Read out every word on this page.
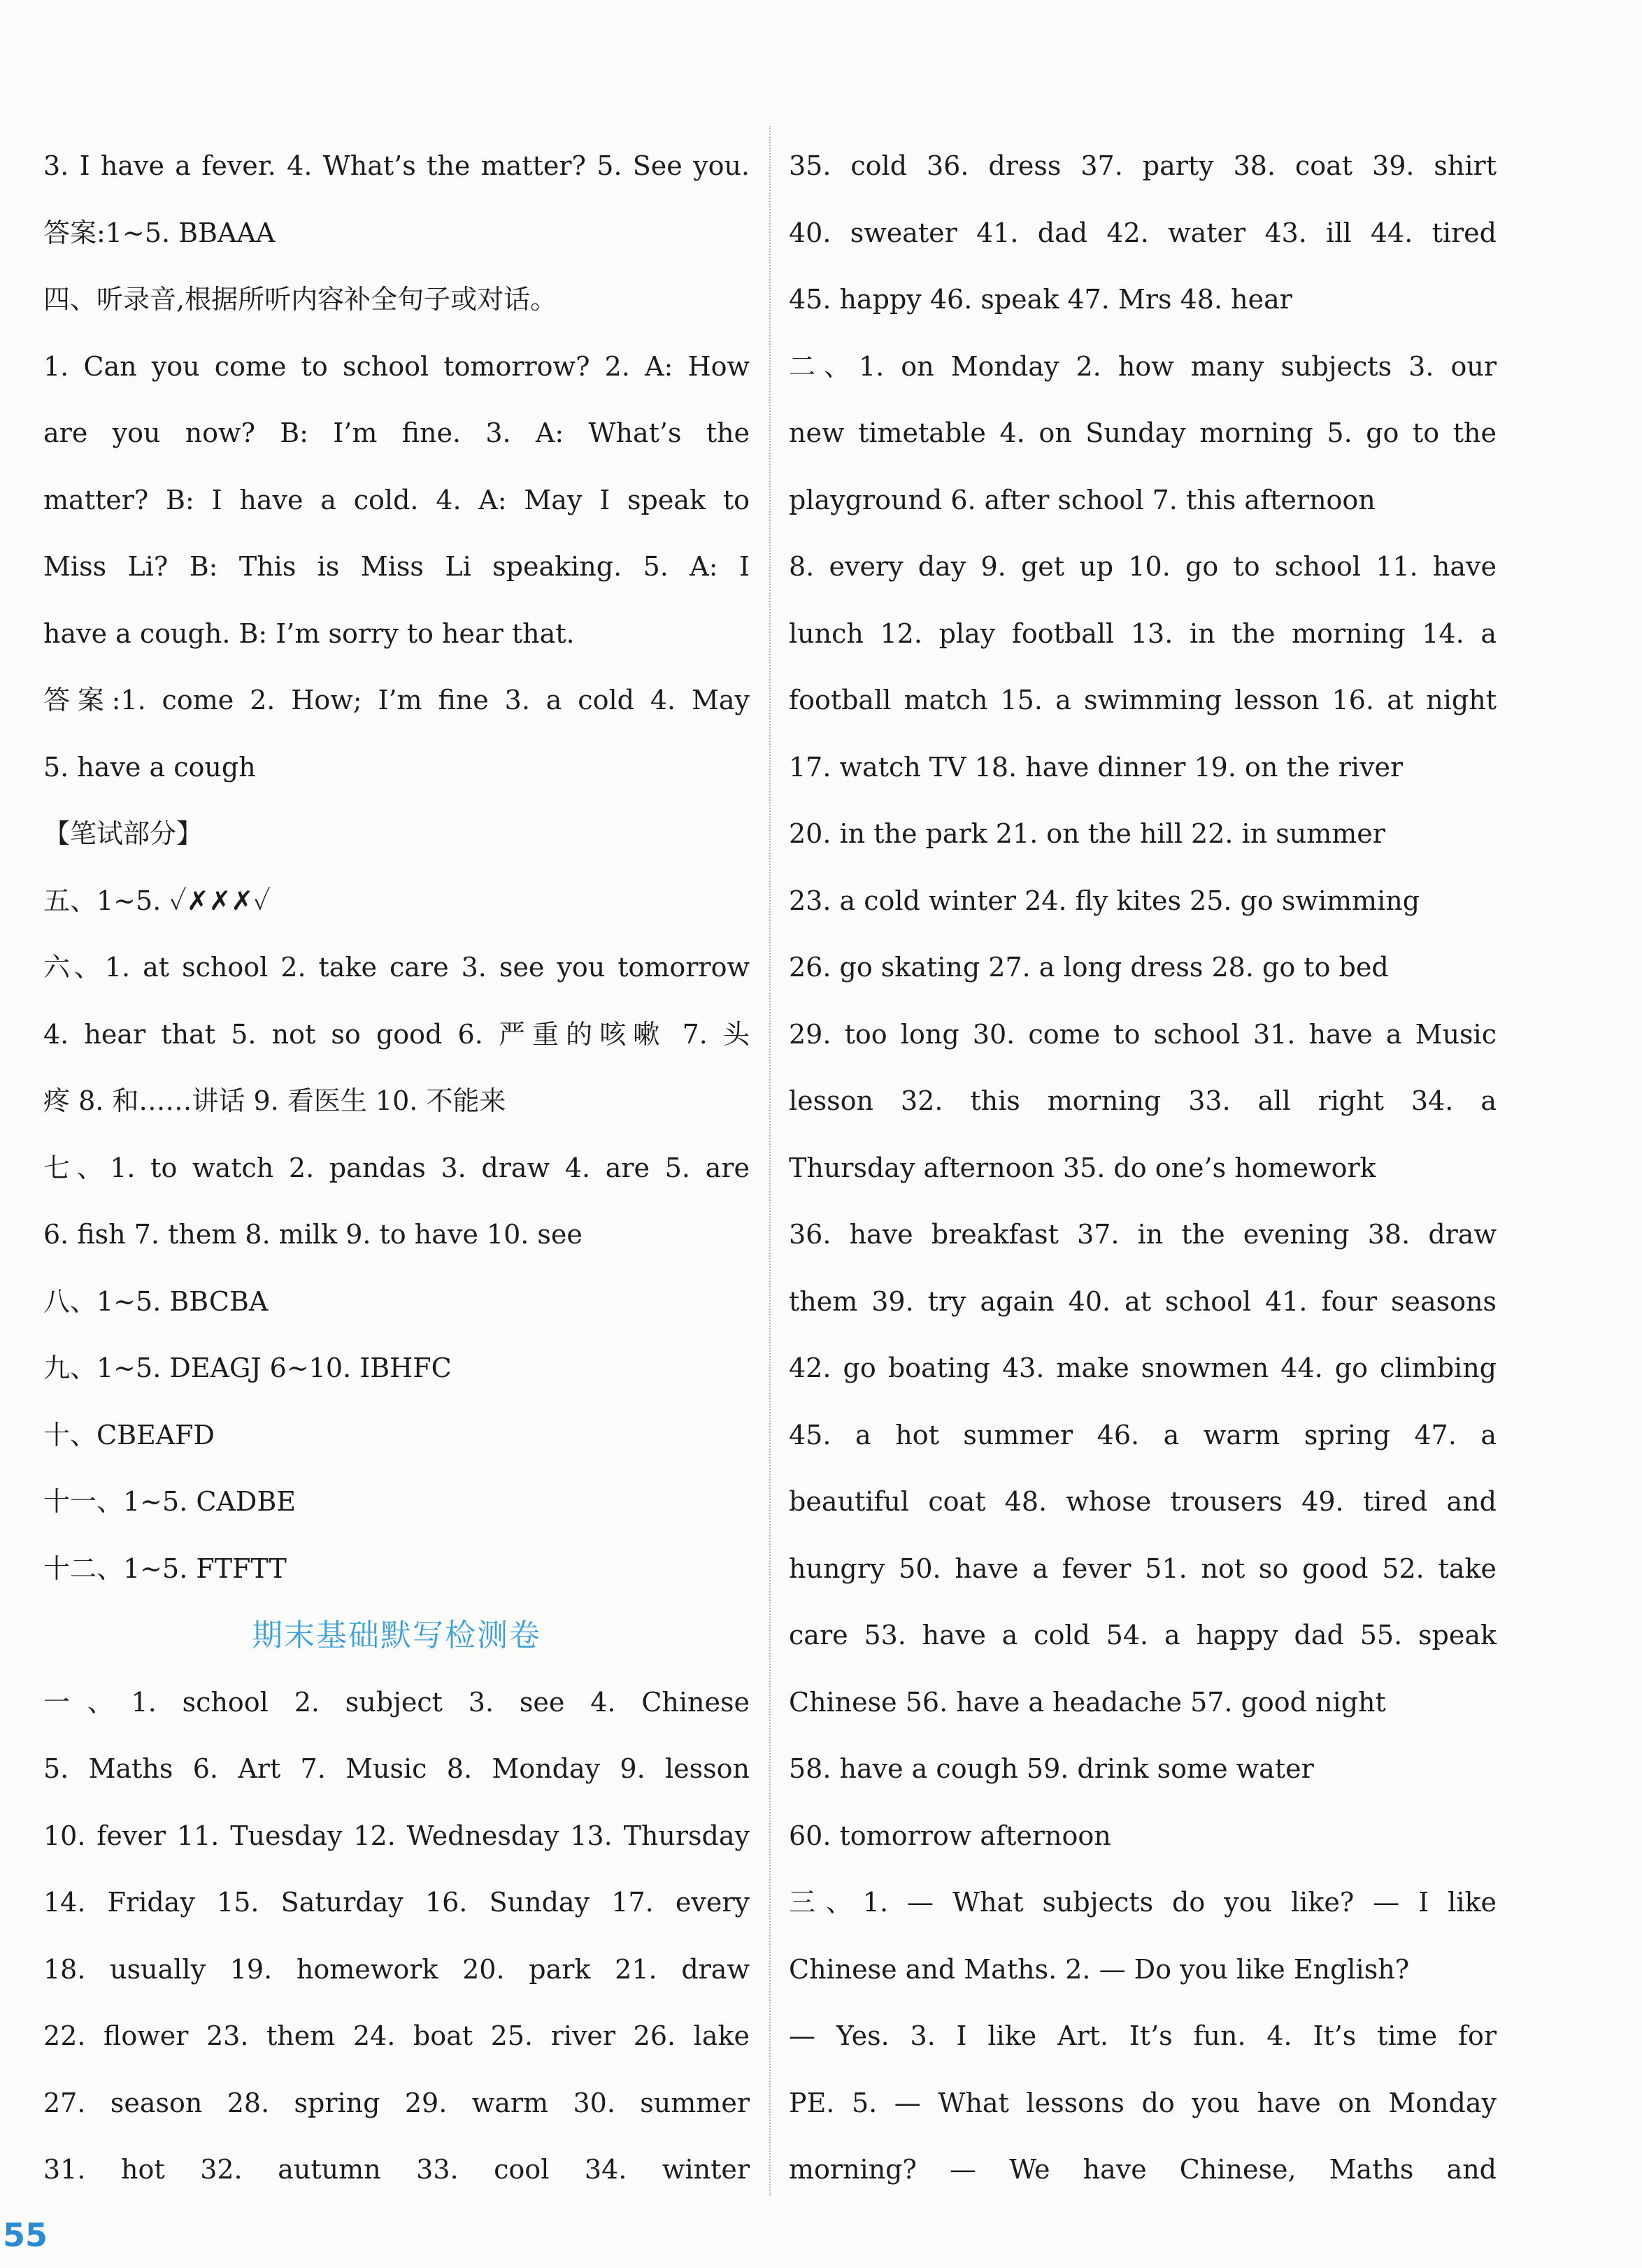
3. I have a fever. 4. What’s the matter? 5. See you.
答案:1~5. BBAAA
四、听录音,根据所听内容补全句子或对话。
1. Can you come to school tomorrow? 2. A: How
are you now? B: I’m fine. 3. A: What’s the
matter? B: I have a cold. 4. A: May I speak to
Miss Li? B: This is Miss Li speaking. 5. A: I
have a cough. B: I’m sorry to hear that.
答案:1. come 2. How; I’m fine 3. a cold 4. May
5. have a cough
【笔试部分】
五、1~5. ✓✗✗✗✓
六、1. at school 2. take care 3. see you tomorrow
4. hear that 5. not so good 6. 严重的咳嗽 7. 头
疼 8. 和……讲话 9. 看医生 10. 不能来
七、1. to watch 2. pandas 3. draw 4. are 5. are
6. fish 7. them 8. milk 9. to have 10. see
八、1~5. BBCBA
九、1~5. DEAGJ 6~10. IBHFC
十、CBEAFD
十一、1~5. CADBE
十二、1~5. FTFTT
期末基础默写检测卷
一、1. school 2. subject 3. see 4. Chinese
5. Maths 6. Art 7. Music 8. Monday 9. lesson
10. fever 11. Tuesday 12. Wednesday 13. Thursday
14. Friday 15. Saturday 16. Sunday 17. every
18. usually 19. homework 20. park 21. draw
22. flower 23. them 24. boat 25. river 26. lake
27. season 28. spring 29. warm 30. summer
31. hot 32. autumn 33. cool 34. winter
35. cold 36. dress 37. party 38. coat 39. shirt
40. sweater 41. dad 42. water 43. ill 44. tired
45. happy 46. speak 47. Mrs 48. hear
二、1. on Monday 2. how many subjects 3. our
new timetable 4. on Sunday morning 5. go to the
playground 6. after school 7. this afternoon
8. every day 9. get up 10. go to school 11. have
lunch 12. play football 13. in the morning 14. a
football match 15. a swimming lesson 16. at night
17. watch TV 18. have dinner 19. on the river
20. in the park 21. on the hill 22. in summer
23. a cold winter 24. fly kites 25. go swimming
26. go skating 27. a long dress 28. go to bed
29. too long 30. come to school 31. have a Music
lesson 32. this morning 33. all right 34. a
Thursday afternoon 35. do one’s homework
36. have breakfast 37. in the evening 38. draw
them 39. try again 40. at school 41. four seasons
42. go boating 43. make snowmen 44. go climbing
45. a hot summer 46. a warm spring 47. a
beautiful coat 48. whose trousers 49. tired and
hungry 50. have a fever 51. not so good 52. take
care 53. have a cold 54. a happy dad 55. speak
Chinese 56. have a headache 57. good night
58. have a cough 59. drink some water
60. tomorrow afternoon
三、1. — What subjects do you like? — I like
Chinese and Maths. 2. — Do you like English?
— Yes. 3. I like Art. It’s fun. 4. It’s time for
PE. 5. — What lessons do you have on Monday
morning? — We have Chinese, Maths and
55
